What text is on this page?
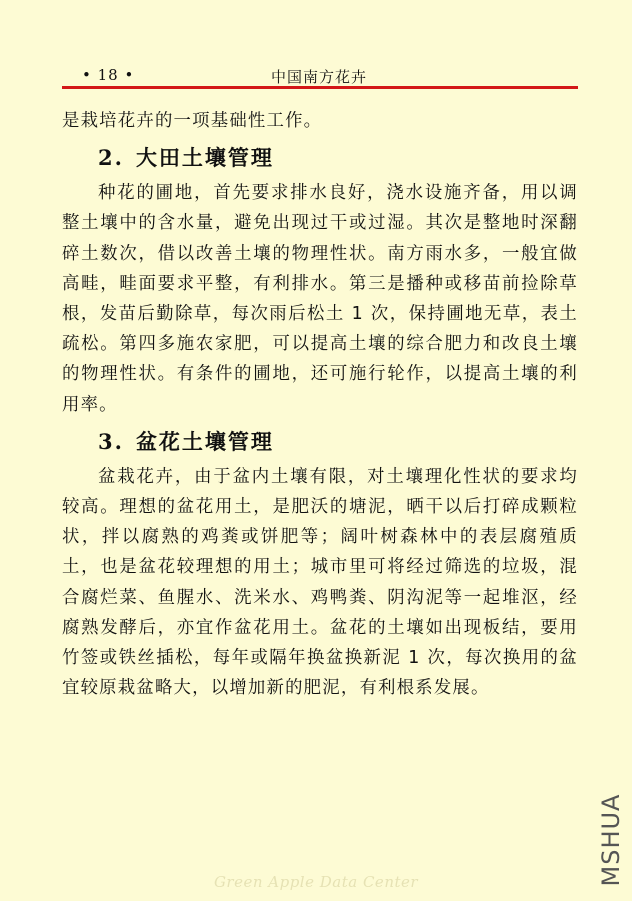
• 18 •	中国南方花卉

是栽培花卉的一项基础性工作。

2. 大田土壤管理

种花的圃地，首先要求排水良好，浇水设施齐备，用以调整土壤中的含水量，避免出现过干或过湿。其次是整地时深翻碎土数次，借以改善土壤的物理性状。南方雨水多，一般宜做高畦，畦面要求平整，有利排水。第三是播种或移苗前捡除草根，发苗后勤除草，每次雨后松土 1 次，保持圃地无草，表土疏松。第四多施农家肥，可以提高土壤的综合肥力和改良土壤的物理性状。有条件的圃地，还可施行轮作，以提高土壤的利用率。

3. 盆花土壤管理

盆栽花卉，由于盆内土壤有限，对土壤理化性状的要求均较高。理想的盆花用土，是肥沃的塘泥，晒干以后打碎成颗粒状，拌以腐熟的鸡粪或饼肥等；阔叶树森林中的表层腐殖质土，也是盆花较理想的用土；城市里可将经过筛选的垃圾，混合腐烂菜、鱼腥水、洗米水、鸡鸭粪、阴沟泥等一起堆沤，经腐熟发酵后，亦宜作盆花用土。盆花的土壤如出现板结，要用竹签或铁丝插松，每年或隔年换盆换新泥 1 次，每次换用的盆宜较原栽盆略大，以增加新的肥泥，有利根系发展。

MSHUA
Green Apple Data Center
